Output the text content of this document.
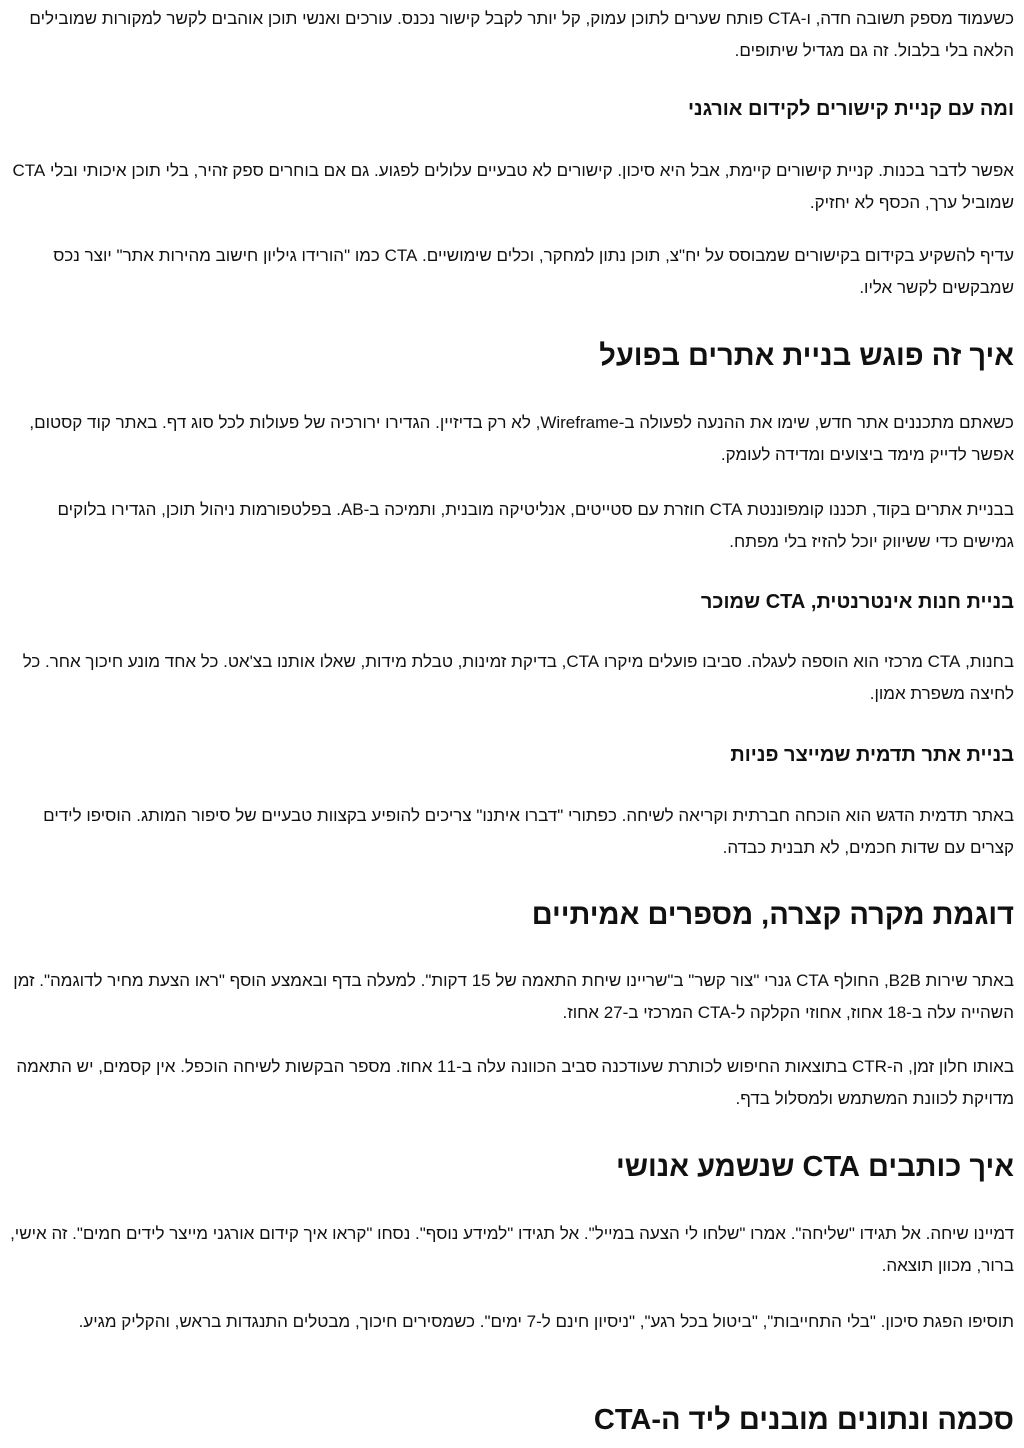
כשעמוד מספק תשובה חדה, ו-CTA פותח שערים לתוכן עמוק, קל יותר לקבל קישור נכנס. עורכים ואנשי תוכן אוהבים לקשר למקורות שמובילים הלאה בלי בלבול. זה גם מגדיל שיתופים.

ומה עם קניית קישורים לקידום אורגני

אפשר לדבר בכנות. קניית קישורים קיימת, אבל היא סיכון. קישורים לא טבעיים עלולים לפגוע. גם אם בוחרים ספק זהיר, בלי תוכן איכותי ובלי CTA שמוביל ערך, הכסף לא יחזיק.

עדיף להשקיע בקידום בקישורים שמבוסס על יח"צ, תוכן נתון למחקר, וכלים שימושיים. CTA כמו "הורידו גיליון חישוב מהירות אתר" יוצר נכס שמבקשים לקשר אליו.

איך זה פוגש בניית אתרים בפועל

כשאתם מתכננים אתר חדש, שימו את ההנעה לפעולה ב-Wireframe, לא רק בדיזיין. הגדירו ירורכיה של פעולות לכל סוג דף. באתר קוד קסטום, אפשר לדייק מימד ביצועים ומדידה לעומק.

בבניית אתרים בקוד, תכננו קומפוננטת CTA חוזרת עם סטייטים, אנליטיקה מובנית, ותמיכה ב-AB. בפלטפורמות ניהול תוכן, הגדירו בלוקים גמישים כדי ששיווק יוכל להזיז בלי מפתח.

בניית חנות אינטרנטית, CTA שמוכר

בחנות, CTA מרכזי הוא הוספה לעגלה. סביבו פועלים מיקרו CTA, בדיקת זמינות, טבלת מידות, שאלו אותנו בצ'אט. כל אחד מונע חיכוך אחר. כל לחיצה משפרת אמון.

בניית אתר תדמית שמייצר פניות

באתר תדמית הדגש הוא הוכחה חברתית וקריאה לשיחה. כפתורי "דברו איתנו" צריכים להופיע בקצוות טבעיים של סיפור המותג. הוסיפו לידים קצרים עם שדות חכמים, לא תבנית כבדה.

דוגמת מקרה קצרה, מספרים אמיתיים

באתר שירות B2B, החולף CTA גנרי "צור קשר" ב"שריינו שיחת התאמה של 15 דקות". למעלה בדף ובאמצע הוסף "ראו הצעת מחיר לדוגמה". זמן השהייה עלה ב-18 אחוז, אחוזי הקלקה ל-CTA המרכזי ב-27 אחוז.

באותו חלון זמן, ה-CTR בתוצאות החיפוש לכותרת שעודכנה סביב הכוונה עלה ב-11 אחוז. מספר הבקשות לשיחה הוכפל. אין קסמים, יש התאמה מדויקת לכוונת המשתמש ולמסלול בדף.

איך כותבים CTA שנשמע אנושי

דמיינו שיחה. אל תגידו "שליחה". אמרו "שלחו לי הצעה במייל". אל תגידו "למידע נוסף". נסחו "קראו איך קידום אורגני מייצר לידים חמים". זה אישי, ברור, מכוון תוצאה.

תוסיפו הפגת סיכון. "בלי התחייבות", "ביטול בכל רגע", "ניסיון חינם ל-7 ימים". כשמסירים חיכוך, מבטלים התנגדות בראש, והקליק מגיע.

סכמה ונתונים מובנים ליד ה-CTA
